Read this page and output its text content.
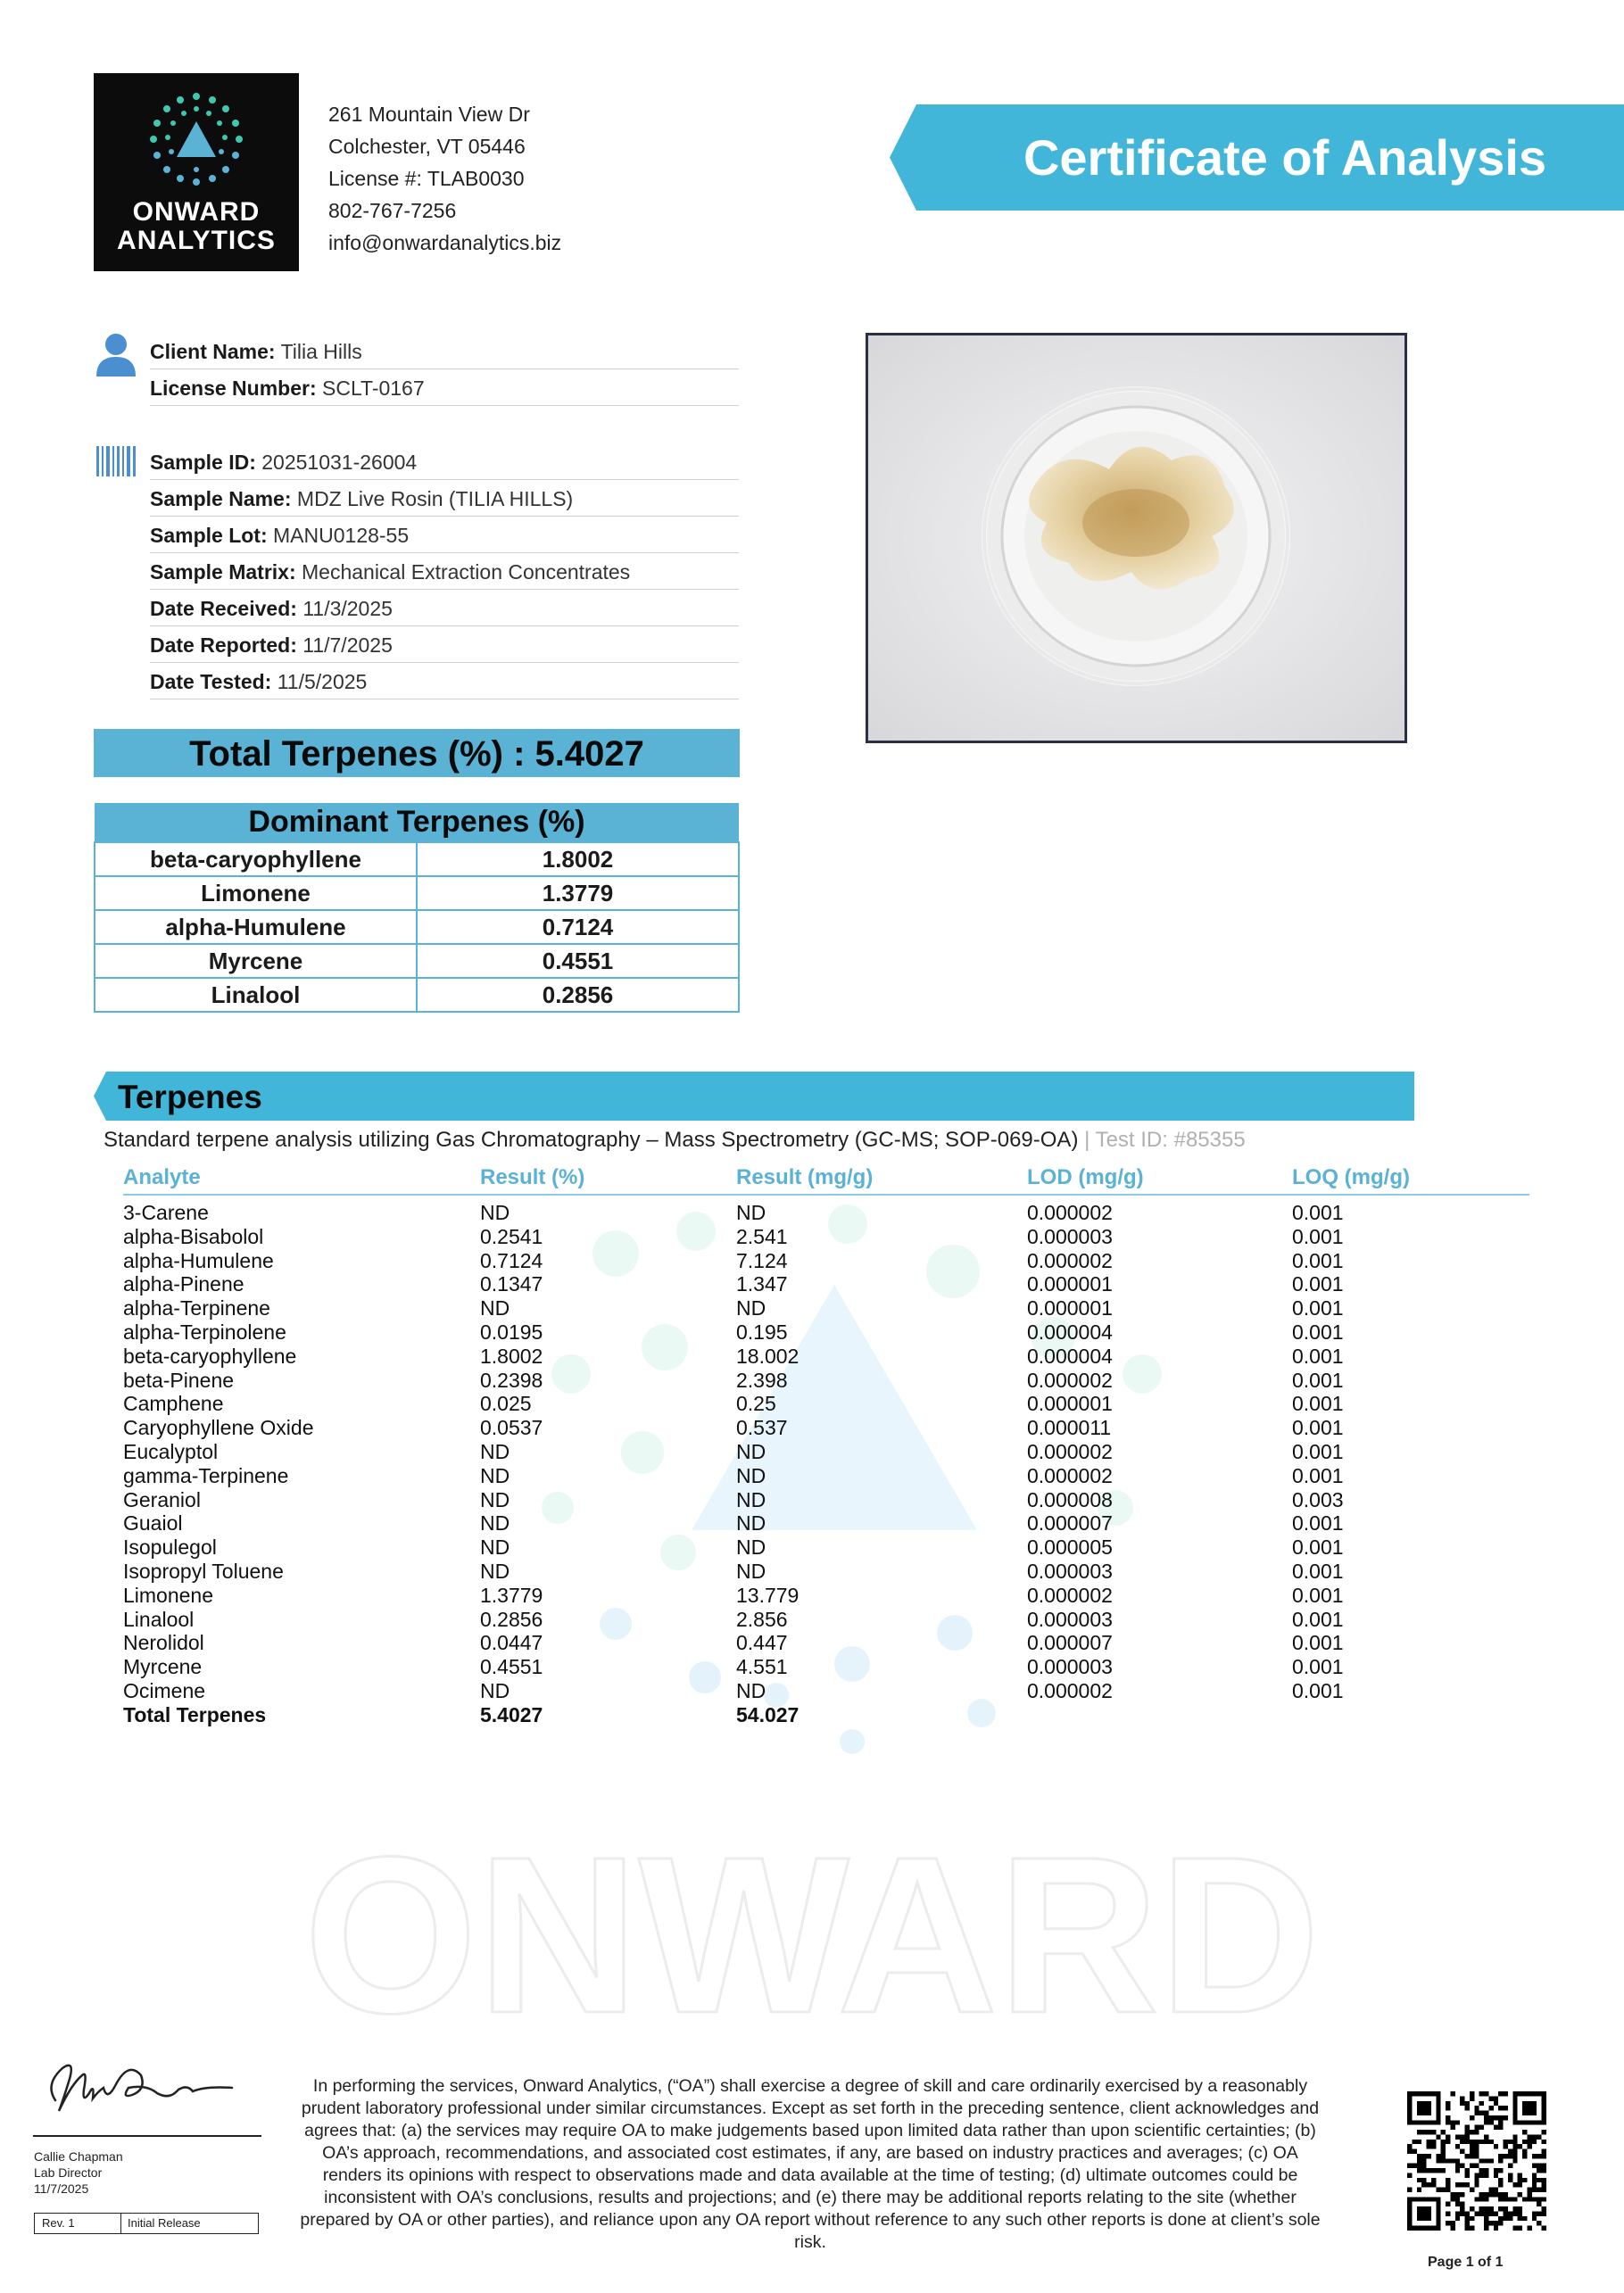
ONWARD
ONWARD
ANALYTICS
261 Mountain View Dr
Colchester, VT 05446
License #: TLAB0030
802-767-7256
info@onwardanalytics.biz
Certificate of Analysis
Client Name: Tilia Hills
License Number: SCLT-0167
Sample ID: 20251031-26004
Sample Name: MDZ Live Rosin (TILIA HILLS)
Sample Lot: MANU0128-55
Sample Matrix: Mechanical Extraction Concentrates
Date Received: 11/3/2025
Date Reported: 11/7/2025
Date Tested: 11/5/2025
Total Terpenes (%) : 5.4027
Dominant Terpenes (%)	
beta-caryophyllene	1.8002
Limonene	1.3779
alpha-Humulene	0.7124
Myrcene	0.4551
Linalool	0.2856
Terpenes
Standard terpene analysis utilizing Gas Chromatography – Mass Spectrometry (GC-MS; SOP-069-OA) | Test ID: #85355
Analyte	Result (%)	Result (mg/g)	LOD (mg/g)	LOQ (mg/g)
3-Carene	ND	ND	0.000002	0.001
alpha-Bisabolol	0.2541	2.541	0.000003	0.001
alpha-Humulene	0.7124	7.124	0.000002	0.001
alpha-Pinene	0.1347	1.347	0.000001	0.001
alpha-Terpinene	ND	ND	0.000001	0.001
alpha-Terpinolene	0.0195	0.195	0.000004	0.001
beta-caryophyllene	1.8002	18.002	0.000004	0.001
beta-Pinene	0.2398	2.398	0.000002	0.001
Camphene	0.025	0.25	0.000001	0.001
Caryophyllene Oxide	0.0537	0.537	0.000011	0.001
Eucalyptol	ND	ND	0.000002	0.001
gamma-Terpinene	ND	ND	0.000002	0.001
Geraniol	ND	ND	0.000008	0.003
Guaiol	ND	ND	0.000007	0.001
Isopulegol	ND	ND	0.000005	0.001
Isopropyl Toluene	ND	ND	0.000003	0.001
Limonene	1.3779	13.779	0.000002	0.001
Linalool	0.2856	2.856	0.000003	0.001
Nerolidol	0.0447	0.447	0.000007	0.001
Myrcene	0.4551	4.551	0.000003	0.001
Ocimene	ND	ND	0.000002	0.001
Total Terpenes	5.4027	54.027		
Callie Chapman
Lab Director
11/7/2025
Rev. 1	Initial Release
In performing the services, Onward Analytics, (“OA”) shall exercise a degree of skill and care ordinarily exercised by a reasonably prudent laboratory professional under similar circumstances. Except as set forth in the preceding sentence, client acknowledges and agrees that: (a) the services may require OA to make judgements based upon limited data rather than upon scientific certainties; (b) OA’s approach, recommendations, and associated cost estimates, if any, are based on industry practices and averages; (c) OA renders its opinions with respect to observations made and data available at the time of testing; (d) ultimate outcomes could be inconsistent with OA’s conclusions, results and projections; and (e) there may be additional reports relating to the site (whether prepared by OA or other parties), and reliance upon any OA report without reference to any such other reports is done at client’s sole risk.
Page 1 of 1
